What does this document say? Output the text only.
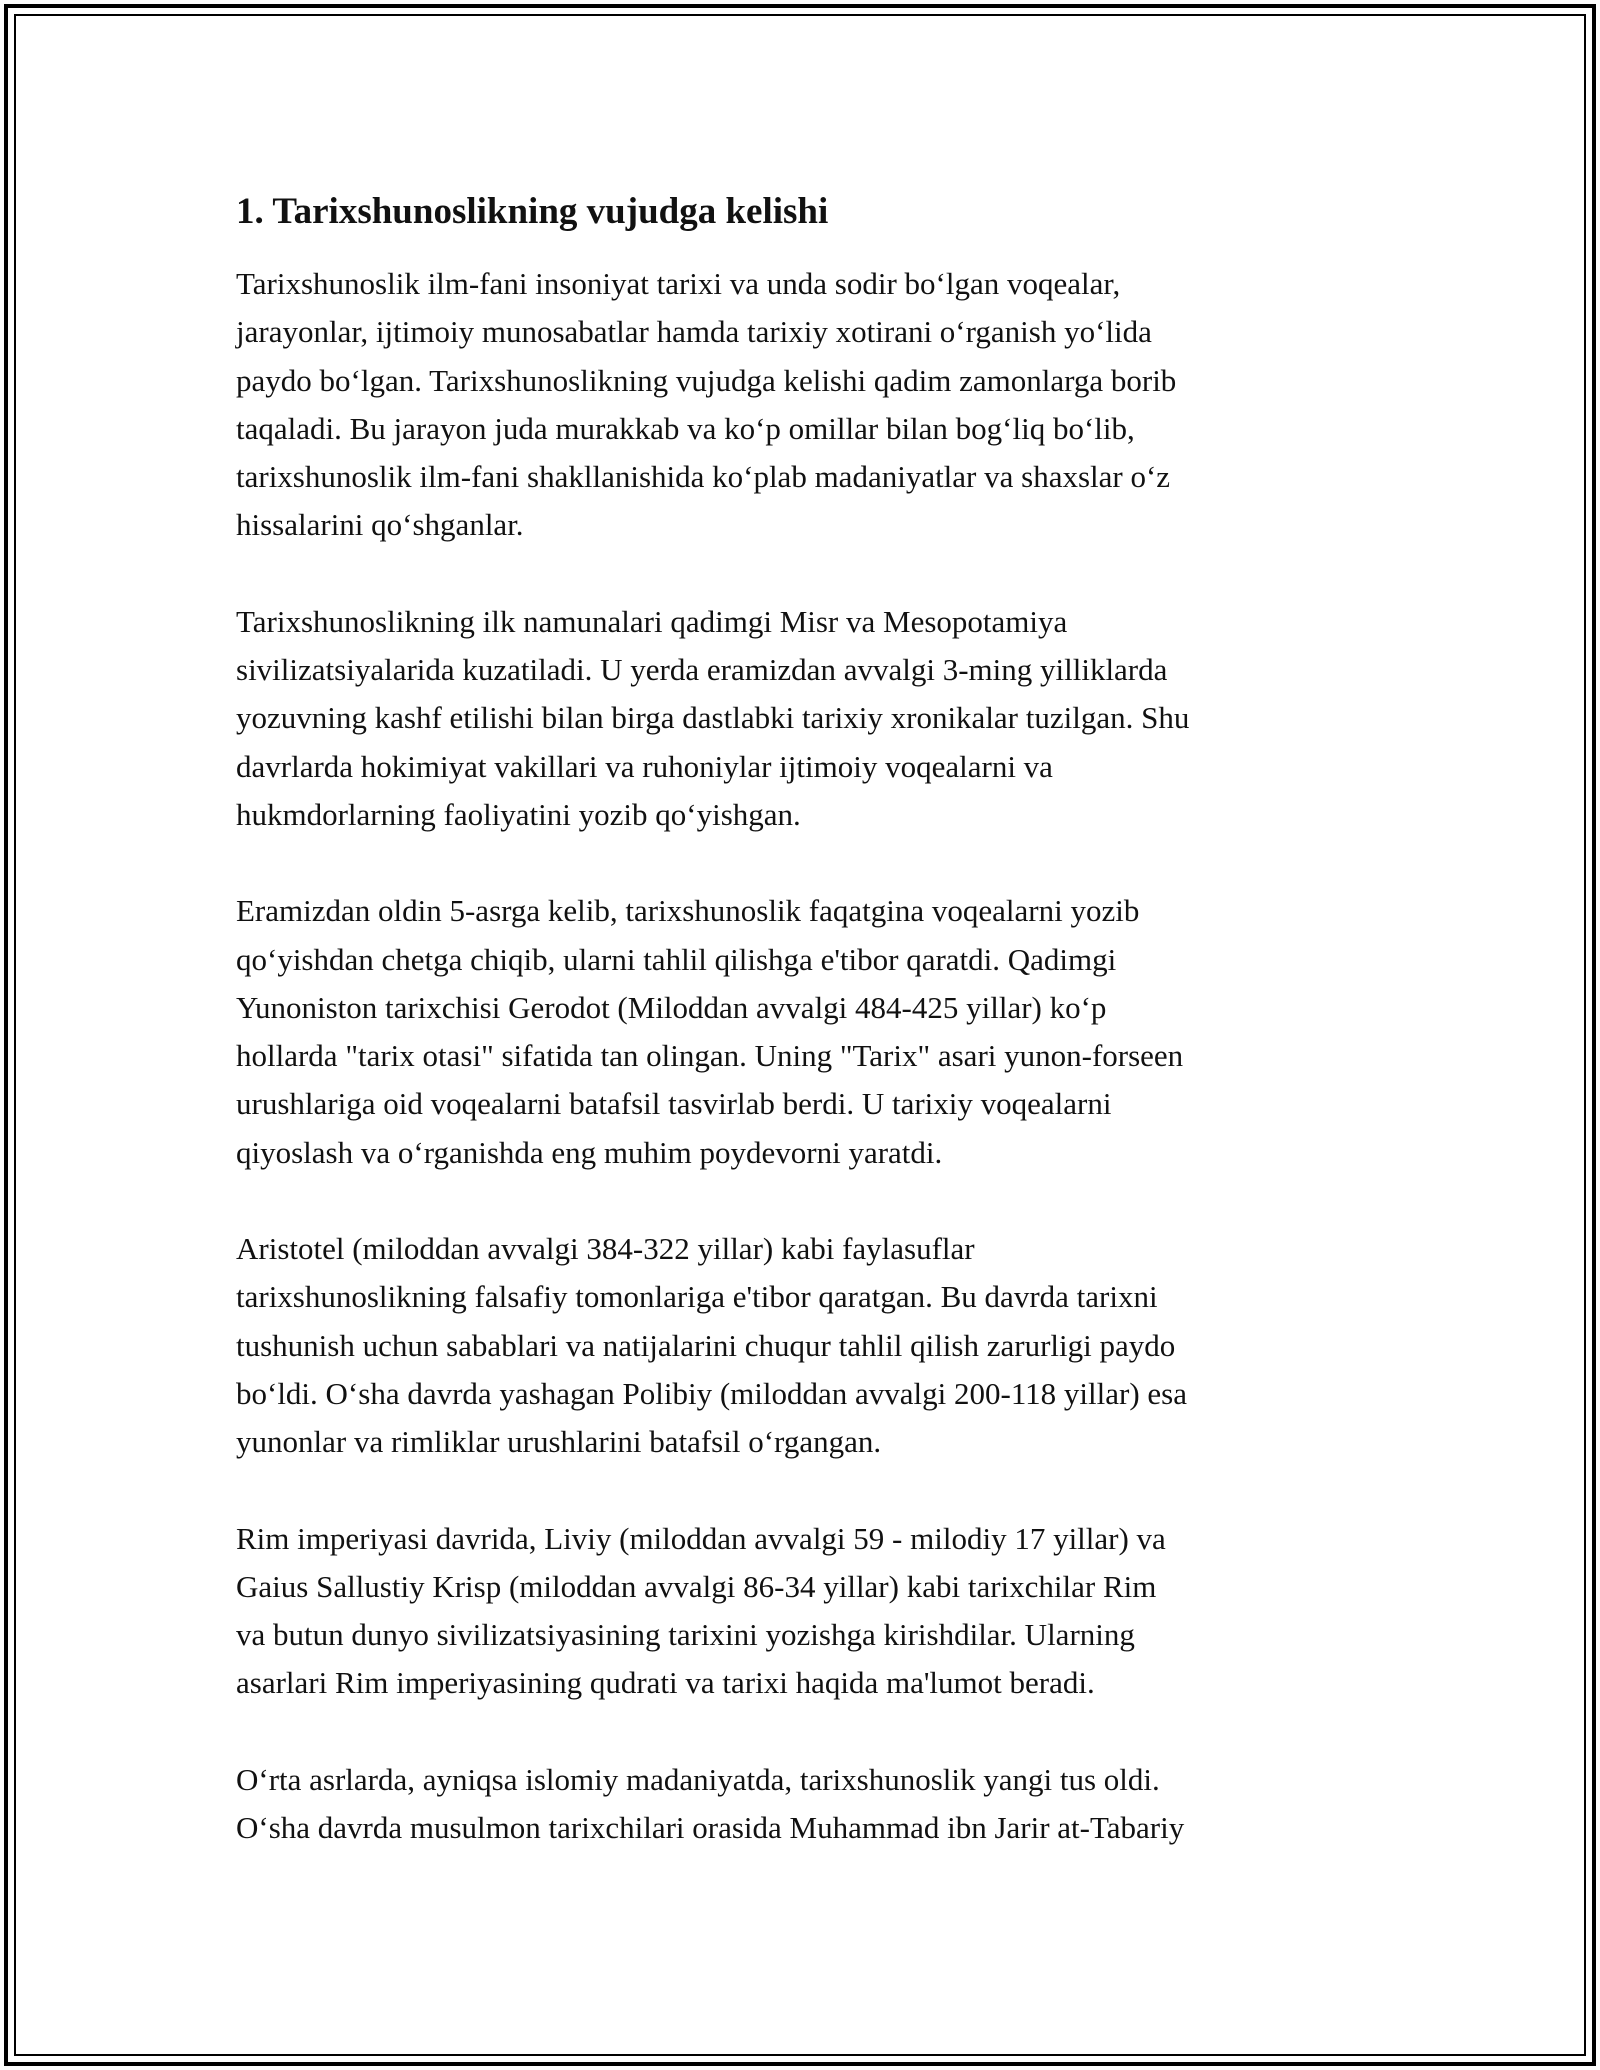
1. Tarixshunoslikning vujudga kelishi
Tarixshunoslik ilm-fani insoniyat tarixi va unda sodir bo‘lgan voqealar,
jarayonlar, ijtimoiy munosabatlar hamda tarixiy xotirani o‘rganish yo‘lida
paydo bo‘lgan. Tarixshunoslikning vujudga kelishi qadim zamonlarga borib
taqaladi. Bu jarayon juda murakkab va ko‘p omillar bilan bog‘liq bo‘lib,
tarixshunoslik ilm-fani shakllanishida ko‘plab madaniyatlar va shaxslar o‘z
hissalarini qo‘shganlar.
Tarixshunoslikning ilk namunalari qadimgi Misr va Mesopotamiya
sivilizatsiyalarida kuzatiladi. U yerda eramizdan avvalgi 3-ming yilliklarda
yozuvning kashf etilishi bilan birga dastlabki tarixiy xronikalar tuzilgan. Shu
davrlarda hokimiyat vakillari va ruhoniylar ijtimoiy voqealarni va
hukmdorlarning faoliyatini yozib qo‘yishgan.
Eramizdan oldin 5-asrga kelib, tarixshunoslik faqatgina voqealarni yozib
qo‘yishdan chetga chiqib, ularni tahlil qilishga e'tibor qaratdi. Qadimgi
Yunoniston tarixchisi Gerodot (Miloddan avvalgi 484-425 yillar) ko‘p
hollarda "tarix otasi" sifatida tan olingan. Uning "Tarix" asari yunon-forseen
urushlariga oid voqealarni batafsil tasvirlab berdi. U tarixiy voqealarni
qiyoslash va o‘rganishda eng muhim poydevorni yaratdi.
Aristotel (miloddan avvalgi 384-322 yillar) kabi faylasuflar
tarixshunoslikning falsafiy tomonlariga e'tibor qaratgan. Bu davrda tarixni
tushunish uchun sabablari va natijalarini chuqur tahlil qilish zarurligi paydo
bo‘ldi. O‘sha davrda yashagan Polibiy (miloddan avvalgi 200-118 yillar) esa
yunonlar va rimliklar urushlarini batafsil o‘rgangan.
Rim imperiyasi davrida, Liviy (miloddan avvalgi 59 - milodiy 17 yillar) va
Gaius Sallustiy Krisp (miloddan avvalgi 86-34 yillar) kabi tarixchilar Rim
va butun dunyo sivilizatsiyasining tarixini yozishga kirishdilar. Ularning
asarlari Rim imperiyasining qudrati va tarixi haqida ma'lumot beradi.
O‘rta asrlarda, ayniqsa islomiy madaniyatda, tarixshunoslik yangi tus oldi.
O‘sha davrda musulmon tarixchilari orasida Muhammad ibn Jarir at-Tabariy
